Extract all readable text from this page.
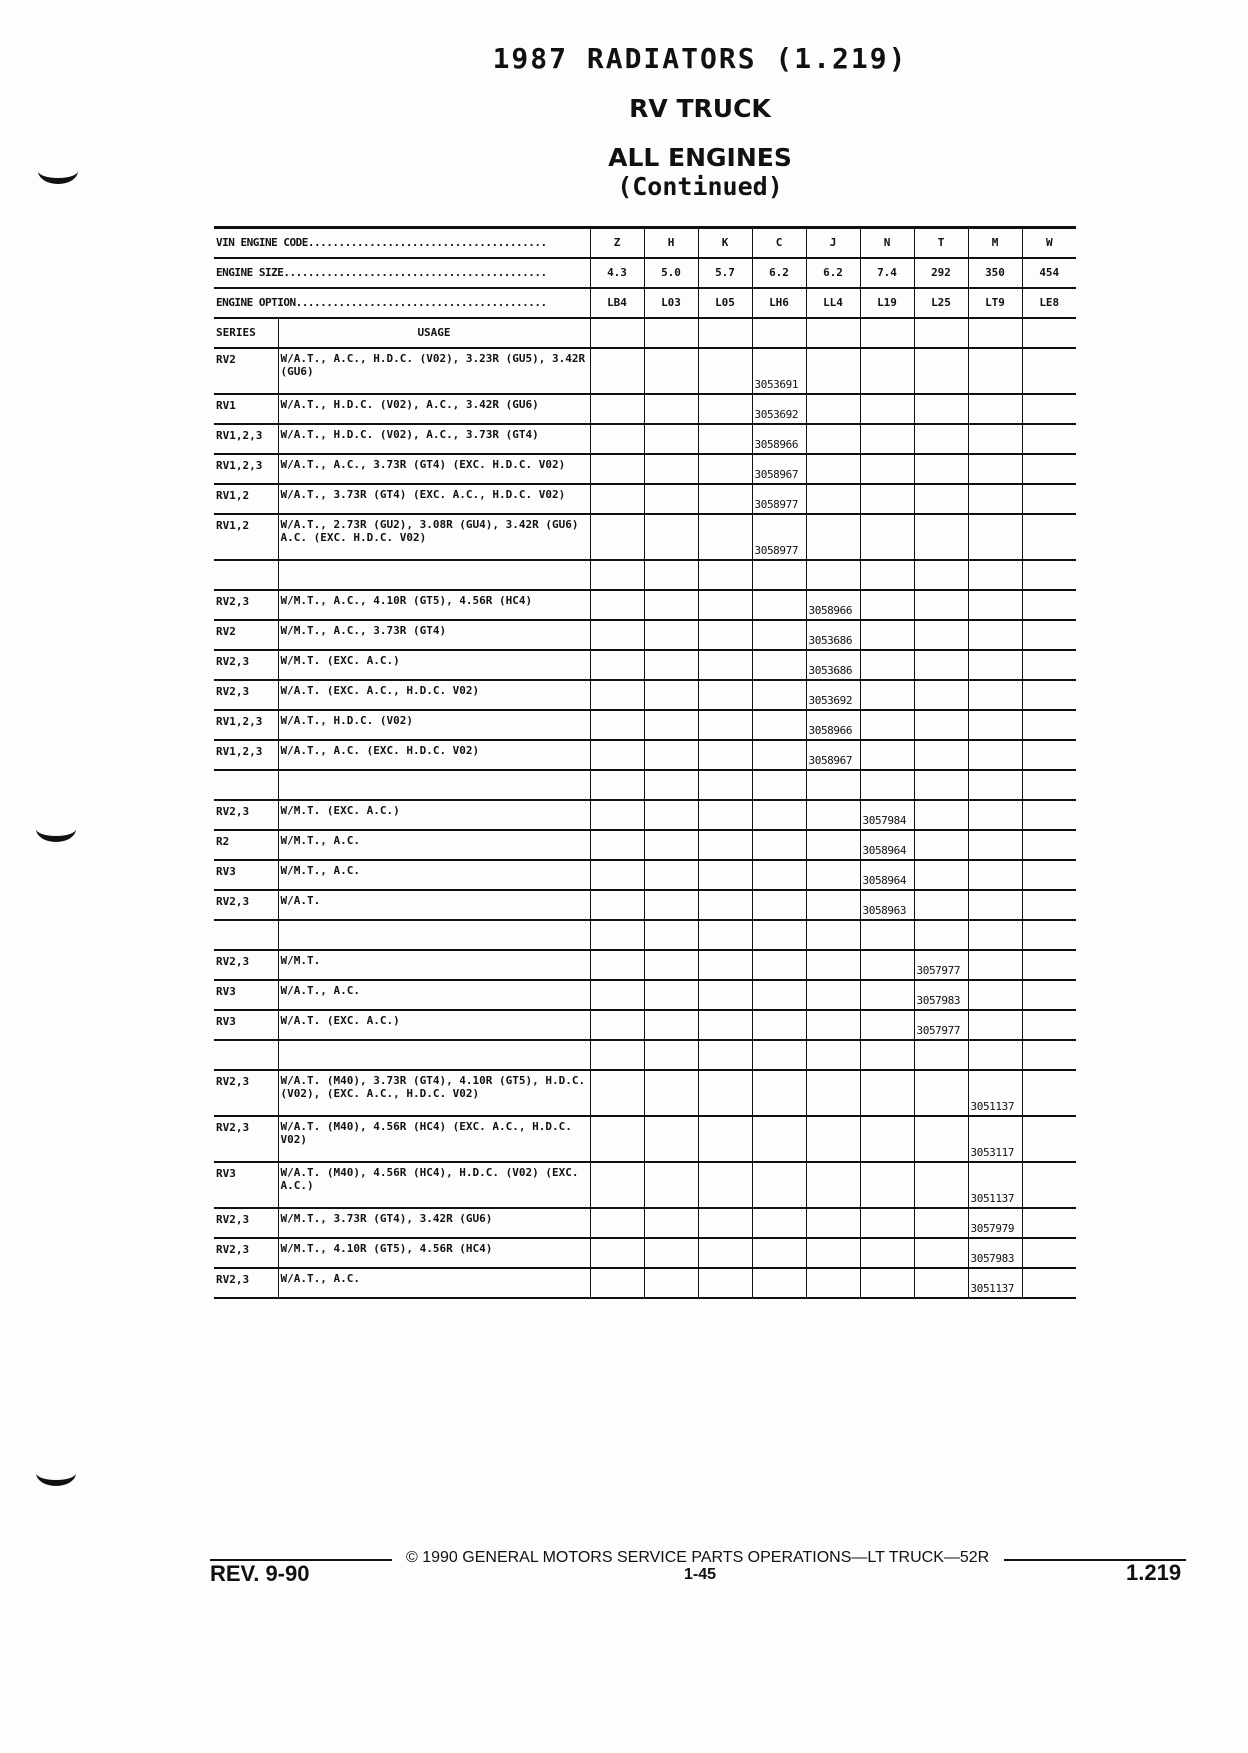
1987 RADIATORS (1.219)
RV TRUCK
ALL ENGINES
(Continued)
VIN ENGINE CODE.......................................		Z	H	K	C	J	N	T	M	W
ENGINE SIZE...........................................		4.3	5.0	5.7	6.2	6.2	7.4	292	350	454
ENGINE OPTION.........................................		LB4	L03	L05	LH6	LL4	L19	L25	LT9	LE8
SERIES	USAGE									
RV2	W/A.T., A.C., H.D.C. (V02), 3.23R (GU5), 3.42R (GU6)				3053691					
RV1	W/A.T., H.D.C. (V02), A.C., 3.42R (GU6)				3053692					
RV1,2,3	W/A.T., H.D.C. (V02), A.C., 3.73R (GT4)				3058966					
RV1,2,3	W/A.T., A.C., 3.73R (GT4) (EXC. H.D.C. V02)				3058967					
RV1,2	W/A.T., 3.73R (GT4) (EXC. A.C., H.D.C. V02)				3058977					
RV1,2	W/A.T., 2.73R (GU2), 3.08R (GU4), 3.42R (GU6) A.C. (EXC. H.D.C. V02)				3058977					

RV2,3	W/M.T., A.C., 4.10R (GT5), 4.56R (HC4)					3058966				
RV2	W/M.T., A.C., 3.73R (GT4)					3053686				
RV2,3	W/M.T. (EXC. A.C.)					3053686				
RV2,3	W/A.T. (EXC. A.C., H.D.C. V02)					3053692				
RV1,2,3	W/A.T., H.D.C. (V02)					3058966				
RV1,2,3	W/A.T., A.C. (EXC. H.D.C. V02)					3058967				

RV2,3	W/M.T. (EXC. A.C.)						3057984			
R2	W/M.T., A.C.						3058964			
RV3	W/M.T., A.C.						3058964			
RV2,3	W/A.T.						3058963			

RV2,3	W/M.T.							3057977		
RV3	W/A.T., A.C.							3057983		
RV3	W/A.T. (EXC. A.C.)							3057977		

RV2,3	W/A.T. (M40), 3.73R (GT4), 4.10R (GT5), H.D.C. (V02), (EXC. A.C., H.D.C. V02)								3051137	
RV2,3	W/A.T. (M40), 4.56R (HC4) (EXC. A.C., H.D.C. V02)								3053117	
RV3	W/A.T. (M40), 4.56R (HC4), H.D.C. (V02) (EXC. A.C.)								3051137	
RV2,3	W/M.T., 3.73R (GT4), 3.42R (GU6)								3057979	
RV2,3	W/M.T., 4.10R (GT5), 4.56R (HC4)								3057983	
RV2,3	W/A.T., A.C.								3051137	
© 1990 GENERAL MOTORS SERVICE PARTS OPERATIONS—LT TRUCK—52R
REV. 9-90	1-45	1.219
